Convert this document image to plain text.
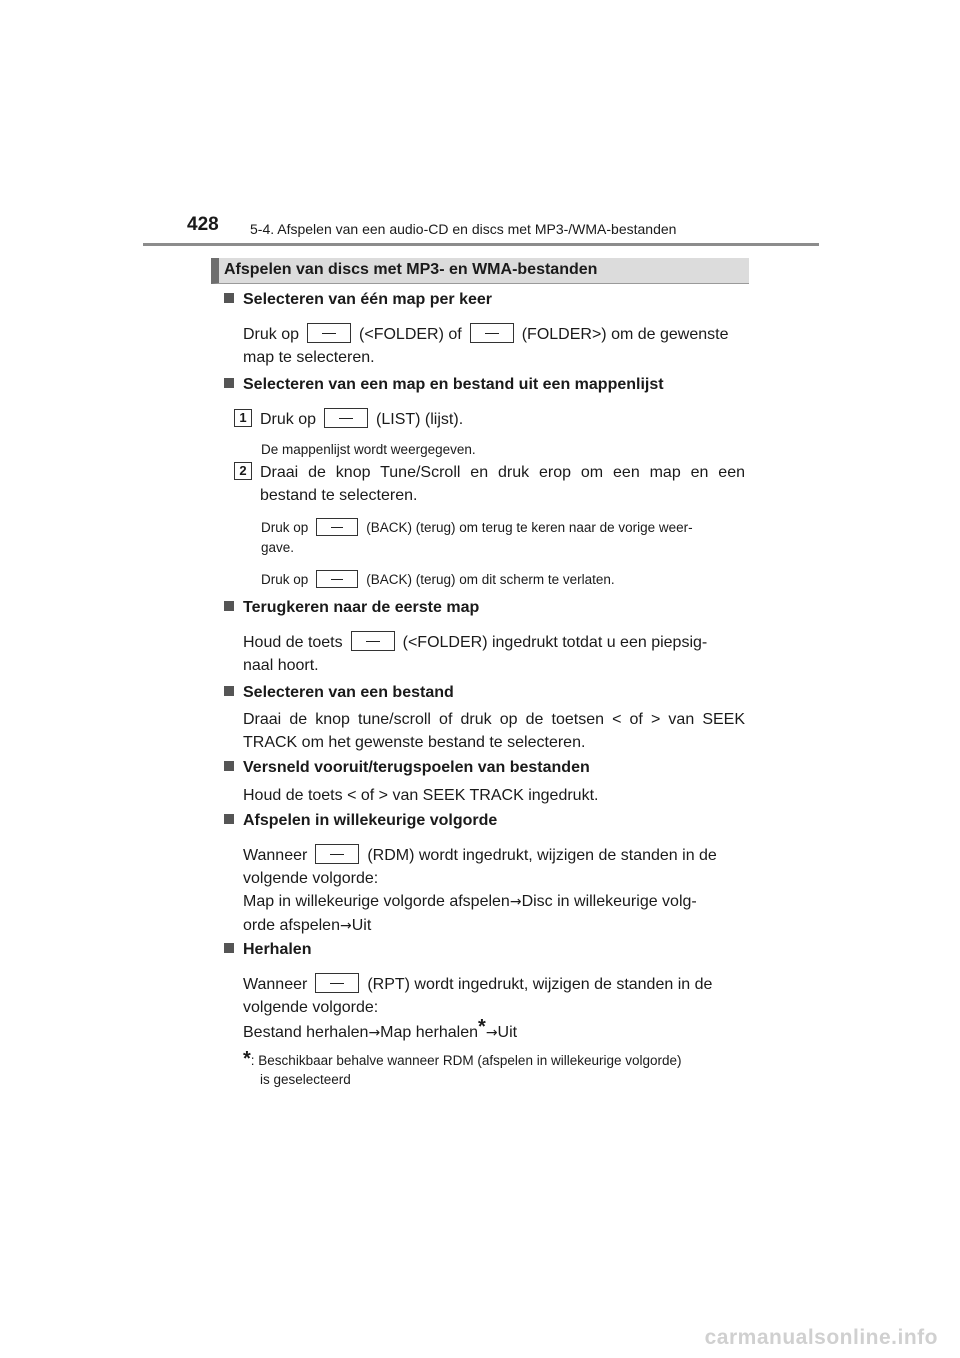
428 5-4. Afspelen van een audio-CD en discs met MP3-/WMA-bestanden
Afspelen van discs met MP3- en WMA-bestanden
Selecteren van één map per keer
Druk op	(<FOLDER) of	(FOLDER>) om de gewenste
map te selecteren.
Selecteren van een map en bestand uit een mappenlijst
1 Druk op	(LIST) (lijst).
De mappenlijst wordt weergegeven.
2 Draai de knop Tune/Scroll en druk erop om een map en een bestand te selecteren.
Druk op	(BACK) (terug) om terug te keren naar de vorige weer-
gave.
Druk op	(BACK) (terug) om dit scherm te verlaten.
Terugkeren naar de eerste map
Houd de toets	(<FOLDER) ingedrukt totdat u een piepsig-
naal hoort.
Selecteren van een bestand
Draai de knop tune/scroll of druk op de toetsen < of > van SEEK TRACK om het gewenste bestand te selecteren.
Versneld vooruit/terugspoelen van bestanden
Houd de toets < of > van SEEK TRACK ingedrukt.
Afspelen in willekeurige volgorde
Wanneer	(RDM) wordt ingedrukt, wijzigen de standen in de
volgende volgorde:
Map in willekeurige volgorde afspelen→Disc in willekeurige volg-
orde afspelen→Uit
Herhalen
Wanneer	(RPT) wordt ingedrukt, wijzigen de standen in de
volgende volgorde:
Bestand herhalen→Map herhalen*→Uit
*: Beschikbaar behalve wanneer RDM (afspelen in willekeurige volgorde)
is geselecteerd
carmanualsonline.info
